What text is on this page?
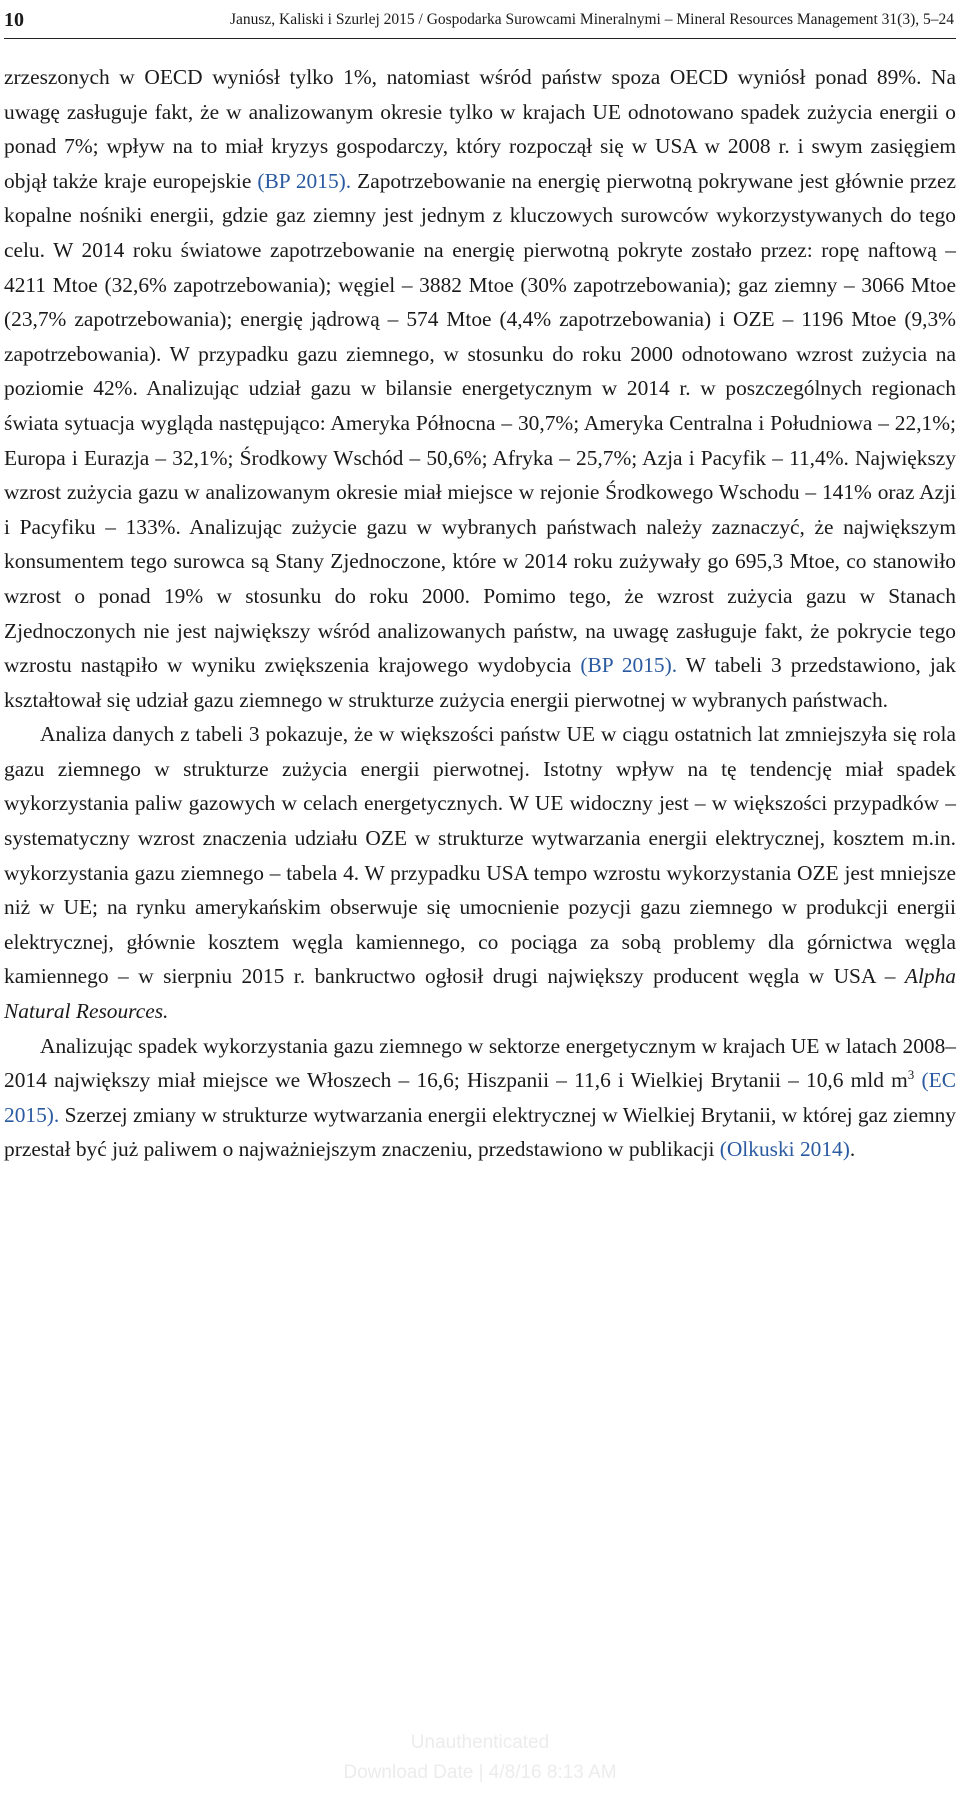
10	Janusz, Kaliski i Szurlej 2015 / Gospodarka Surowcami Mineralnymi – Mineral Resources Management 31(3), 5–24

zrzeszonych w OECD wyniósł tylko 1%, natomiast wśród państw spoza OECD wyniósł ponad 89%. Na uwagę zasługuje fakt, że w analizowanym okresie tylko w krajach UE odnotowano spadek zużycia energii o ponad 7%; wpływ na to miał kryzys gospodarczy, który rozpoczął się w USA w 2008 r. i swym zasięgiem objął także kraje europejskie (BP 2015). Zapotrzebowanie na energię pierwotną pokrywane jest głównie przez kopalne nośniki energii, gdzie gaz ziemny jest jednym z kluczowych surowców wykorzystywanych do tego celu. W 2014 roku światowe zapotrzebowanie na energię pierwotną pokryte zostało przez: ropę naftową – 4211 Mtoe (32,6% zapotrzebowania); węgiel – 3882 Mtoe (30% zapotrzebowania); gaz ziemny – 3066 Mtoe (23,7% zapotrzebowania); energię jądrową – 574 Mtoe (4,4% zapotrzebowania) i OZE – 1196 Mtoe (9,3% zapotrzebowania). W przypadku gazu ziemnego, w stosunku do roku 2000 odnotowano wzrost zużycia na poziomie 42%. Analizując udział gazu w bilansie energetycznym w 2014 r. w poszczególnych regionach świata sytuacja wygląda następująco: Ameryka Północna – 30,7%; Ameryka Centralna i Południowa – 22,1%; Europa i Eurazja – 32,1%; Środkowy Wschód – 50,6%; Afryka – 25,7%; Azja i Pacyfik – 11,4%. Największy wzrost zużycia gazu w analizowanym okresie miał miejsce w rejonie Środkowego Wschodu – 141% oraz Azji i Pacyfiku – 133%. Analizując zużycie gazu w wybranych państwach należy zaznaczyć, że największym konsumentem tego surowca są Stany Zjednoczone, które w 2014 roku zużywały go 695,3 Mtoe, co stanowiło wzrost o ponad 19% w stosunku do roku 2000. Pomimo tego, że wzrost zużycia gazu w Stanach Zjednoczonych nie jest największy wśród analizowanych państw, na uwagę zasługuje fakt, że pokrycie tego wzrostu nastąpiło w wyniku zwiększenia krajowego wydobycia (BP 2015). W tabeli 3 przedstawiono, jak kształtował się udział gazu ziemnego w strukturze zużycia energii pierwotnej w wybranych państwach.

Analiza danych z tabeli 3 pokazuje, że w większości państw UE w ciągu ostatnich lat zmniejszyła się rola gazu ziemnego w strukturze zużycia energii pierwotnej. Istotny wpływ na tę tendencję miał spadek wykorzystania paliw gazowych w celach energetycznych. W UE widoczny jest – w większości przypadków – systematyczny wzrost znaczenia udziału OZE w strukturze wytwarzania energii elektrycznej, kosztem m.in. wykorzystania gazu ziemnego – tabela 4. W przypadku USA tempo wzrostu wykorzystania OZE jest mniejsze niż w UE; na rynku amerykańskim obserwuje się umocnienie pozycji gazu ziemnego w produkcji energii elektrycznej, głównie kosztem węgla kamiennego, co pociąga za sobą problemy dla górnictwa węgla kamiennego – w sierpniu 2015 r. bankructwo ogłosił drugi największy producent węgla w USA – Alpha Natural Resources.

Analizując spadek wykorzystania gazu ziemnego w sektorze energetycznym w krajach UE w latach 2008–2014 największy miał miejsce we Włoszech – 16,6; Hiszpanii – 11,6 i Wielkiej Brytanii – 10,6 mld $m^3$ (EC 2015). Szerzej zmiany w strukturze wytwarzania energii elektrycznej w Wielkiej Brytanii, w której gaz ziemny przestał być już paliwem o najważniejszym znaczeniu, przedstawiono w publikacji (Olkuski 2014).

Unauthenticated
Download Date | 4/8/16 8:13 AM
